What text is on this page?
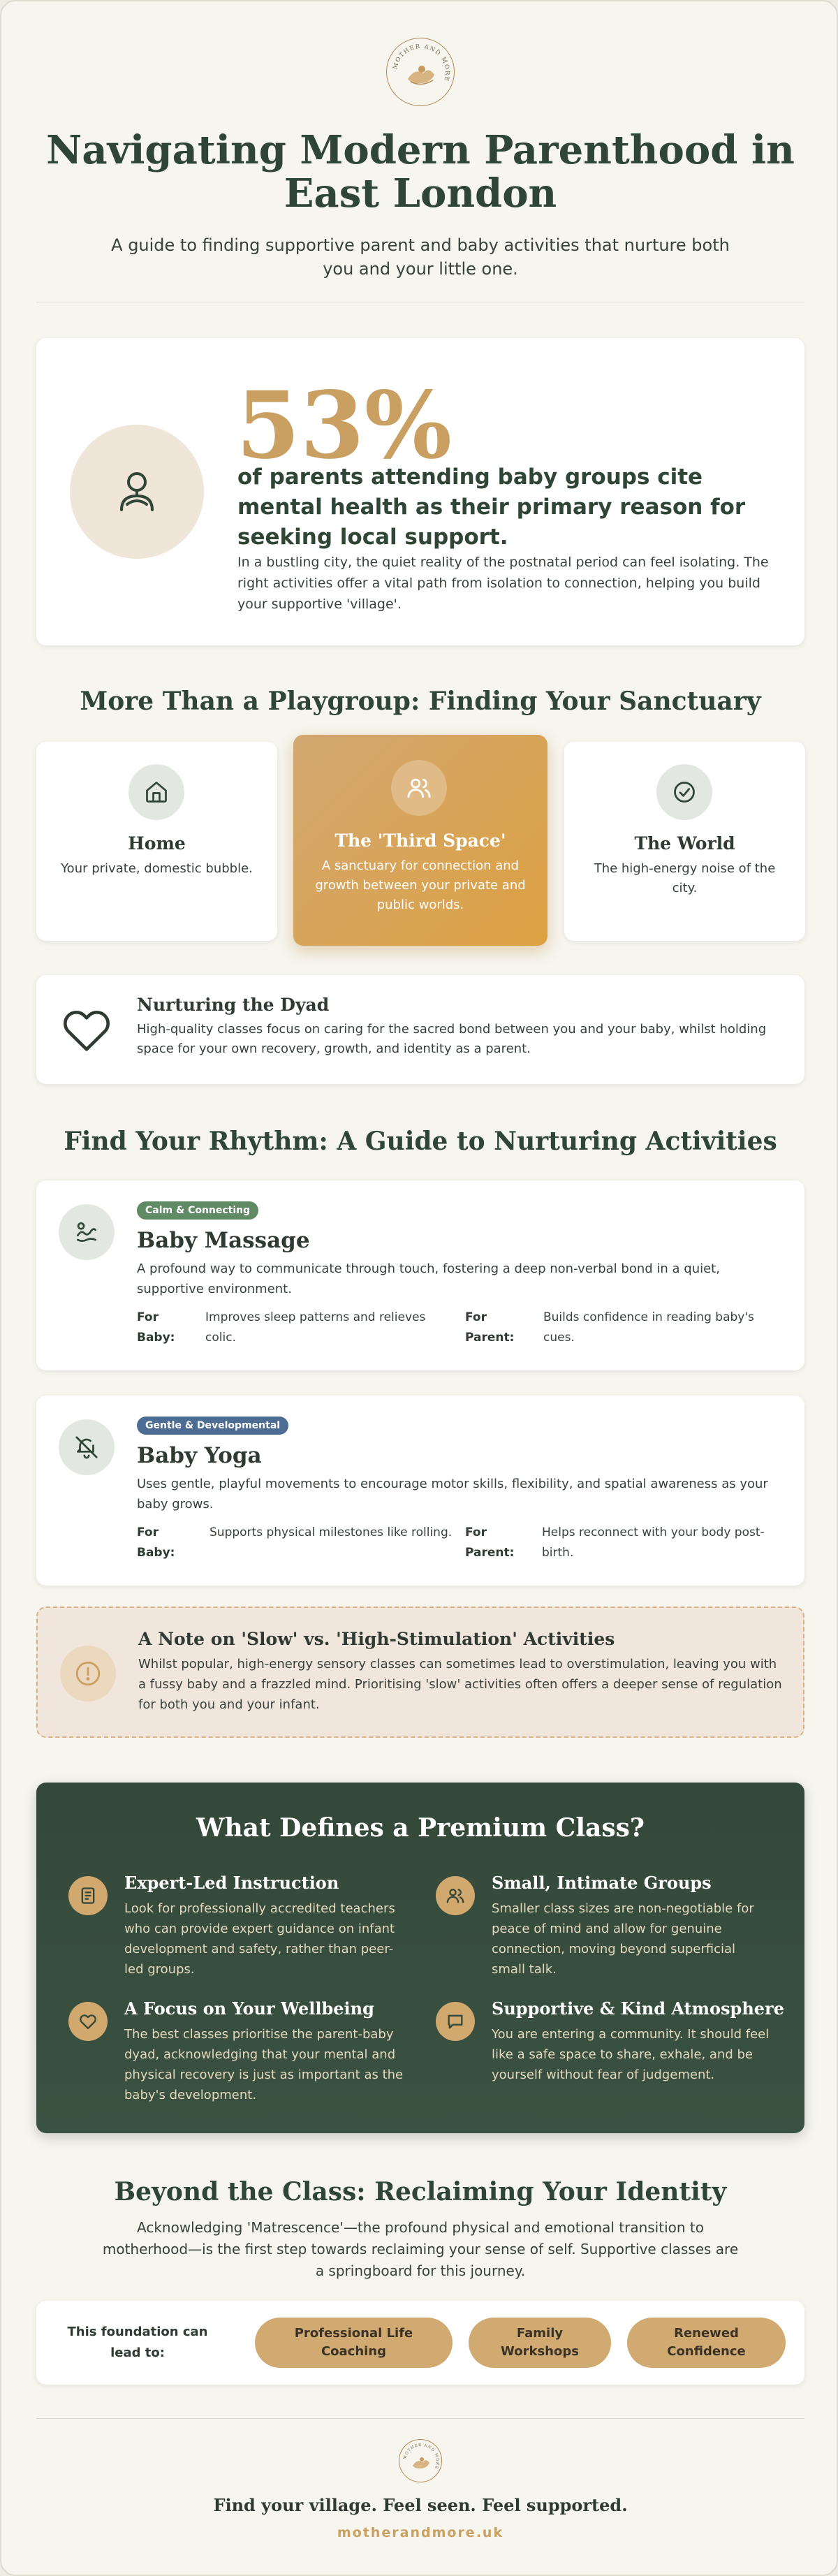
MOTHER AND MORE
Navigating Modern Parenthood in East London

A guide to finding supportive parent and baby activities that nurture both you and your little one.

53%
of parents attending baby groups cite mental health as their primary reason for seeking local support.
In a bustling city, the quiet reality of the postnatal period can feel isolating. The right activities offer a vital path from isolation to connection, helping you build your supportive 'village'.
More Than a Playgroup: Finding Your Sanctuary
Home
Your private, domestic bubble.
The 'Third Space'
A sanctuary for connection and growth between your private and public worlds.
The World
The high-energy noise of the city.
Nurturing the Dyad
High-quality classes focus on caring for the sacred bond between you and your baby, whilst holding space for your own recovery, growth, and identity as a parent.
Find Your Rhythm: A Guide to Nurturing Activities
Calm & Connecting
Baby Massage
A profound way to communicate through touch, fostering a deep non-verbal bond in a quiet, supportive environment.
For Baby:
Improves sleep patterns and relieves colic.
For Parent:
Builds confidence in reading baby's cues.
Gentle & Developmental
Baby Yoga
Uses gentle, playful movements to encourage motor skills, flexibility, and spatial awareness as your baby grows.
For Baby:
Supports physical milestones like rolling. For Parent:
Helps reconnect with your body post-birth.
A Note on 'Slow' vs. 'High-Stimulation' Activities
Whilst popular, high-energy sensory classes can sometimes lead to overstimulation, leaving you with a fussy baby and a frazzled mind. Prioritising 'slow' activities often offers a deeper sense of regulation for both you and your infant.
What Defines a Premium Class?
Expert-Led Instruction
Look for professionally accredited teachers who can provide expert guidance on infant development and safety, rather than peer-led groups.
Small, Intimate Groups
Smaller class sizes are non-negotiable for peace of mind and allow for genuine connection, moving beyond superficial small talk.
A Focus on Your Wellbeing
The best classes prioritise the parent-baby dyad, acknowledging that your mental and physical recovery is just as important as the baby's development.
Supportive & Kind Atmosphere
You are entering a community. It should feel like a safe space to share, exhale, and be yourself without fear of judgement.
Beyond the Class: Reclaiming Your Identity

Acknowledging 'Matrescence'—the profound physical and emotional transition to motherhood—is the first step towards reclaiming your sense of self. Supportive classes are a springboard for this journey.

This foundation can lead to:
Professional Life Coaching
Family Workshops
Renewed Confidence
MOTHER AND MORE
Find your village. Feel seen. Feel supported.
motherandmore.uk
